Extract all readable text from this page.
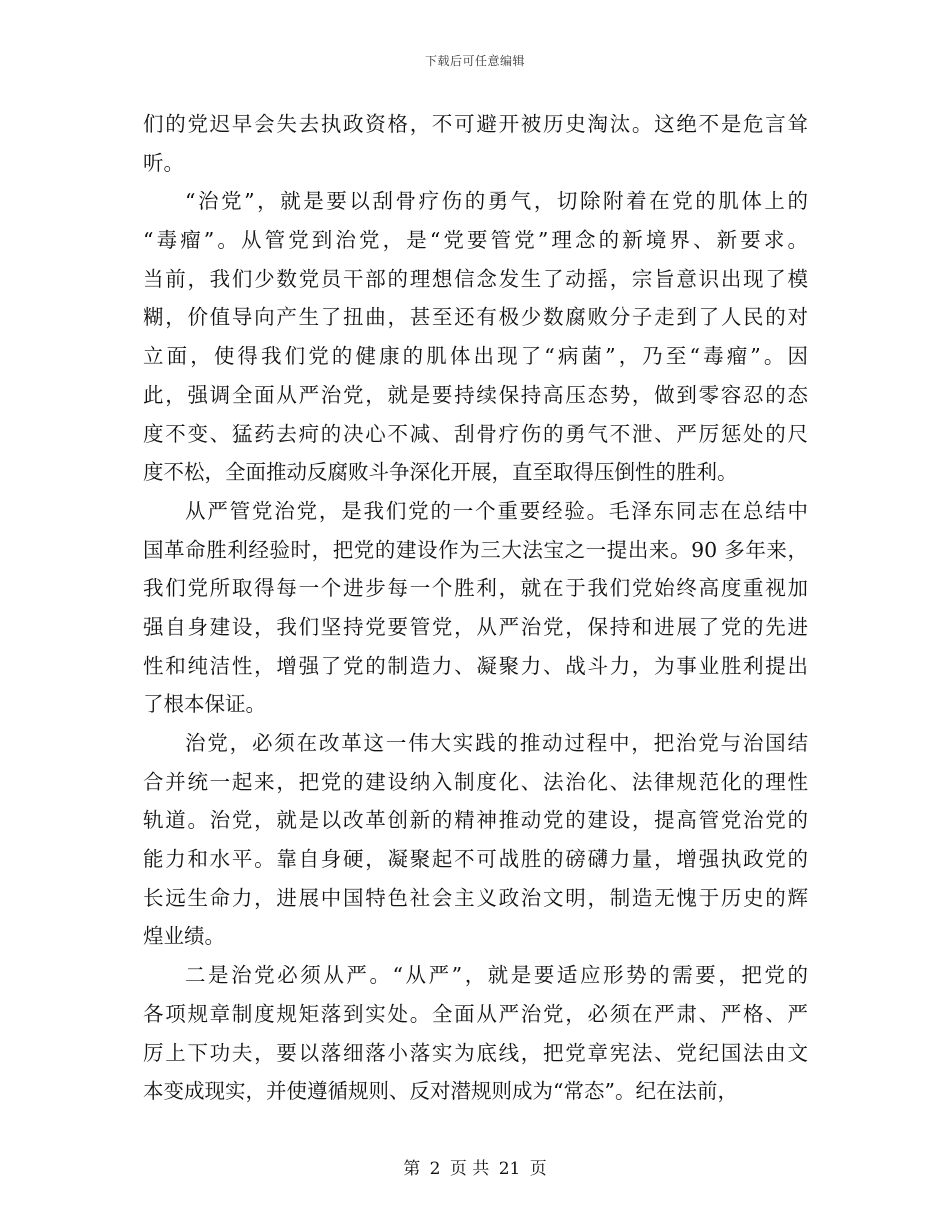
下载后可任意编辑
们的党迟早会失去执政资格，不可避开被历史淘汰。这绝不是危言耸
听。
“治党”，就是要以刮骨疗伤的勇气，切除附着在党的肌体上的
“毒瘤”。从管党到治党，是“党要管党”理念的新境界、新要求。
当前，我们少数党员干部的理想信念发生了动摇，宗旨意识出现了模
糊，价值导向产生了扭曲，甚至还有极少数腐败分子走到了人民的对
立面，使得我们党的健康的肌体出现了“病菌”，乃至“毒瘤”。因
此，强调全面从严治党，就是要持续保持高压态势，做到零容忍的态
度不变、猛药去疴的决心不减、刮骨疗伤的勇气不泄、严厉惩处的尺
度不松，全面推动反腐败斗争深化开展，直至取得压倒性的胜利。
从严管党治党，是我们党的一个重要经验。毛泽东同志在总结中
国革命胜利经验时，把党的建设作为三大法宝之一提出来。90 多年来，
我们党所取得每一个进步每一个胜利，就在于我们党始终高度重视加
强自身建设，我们坚持党要管党，从严治党，保持和进展了党的先进
性和纯洁性，增强了党的制造力、凝聚力、战斗力，为事业胜利提出
了根本保证。
治党，必须在改革这一伟大实践的推动过程中，把治党与治国结
合并统一起来，把党的建设纳入制度化、法治化、法律规范化的理性
轨道。治党，就是以改革创新的精神推动党的建设，提高管党治党的
能力和水平。靠自身硬，凝聚起不可战胜的磅礴力量，增强执政党的
长远生命力，进展中国特色社会主义政治文明，制造无愧于历史的辉
煌业绩。
二是治党必须从严。“从严”，就是要适应形势的需要，把党的
各项规章制度规矩落到实处。全面从严治党，必须在严肃、严格、严
厉上下功夫，要以落细落小落实为底线，把党章宪法、党纪国法由文
本变成现实，并使遵循规则、反对潜规则成为“常态”。纪在法前，
第 2 页 共 21 页
